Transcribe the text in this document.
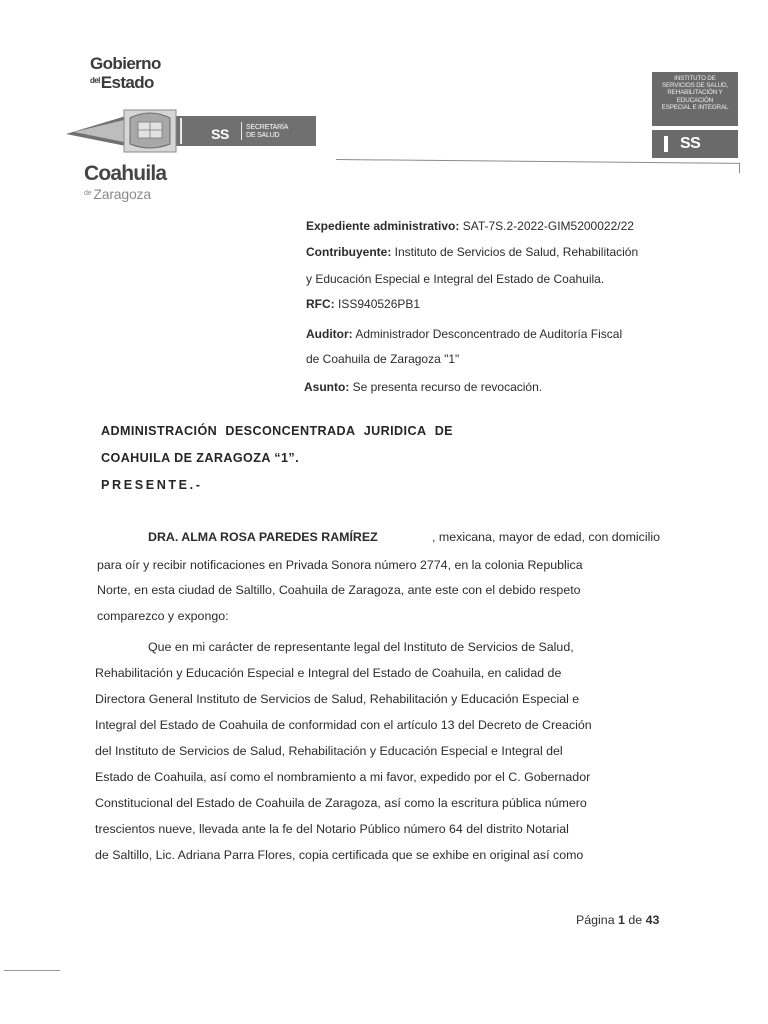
Gobierno
$^{del}$Estado
SS	SECRETARÍA
DE SALUD
Coahuila
$^{de}$ Zaragoza
INSTITUTO DE
SERVICIOS DE SALUD,
REHABILITACIÓN Y
EDUCACIÓN
ESPECIAL E INTEGRAL
SS
Expediente administrativo: SAT-7S.2-2022-GIM5200022/22
Contribuyente: Instituto de Servicios de Salud, Rehabilitación
y Educación Especial e Integral del Estado de Coahuila.
RFC: ISS940526PB1
Auditor: Administrador Desconcentrado de Auditoría Fiscal
de Coahuila de Zaragoza "1"
Asunto: Se presenta recurso de revocación.
ADMINISTRACIÓN DESCONCENTRADA JURIDICA DE
COAHUILA DE ZARAGOZA “1”.
PRESENTE.-
DRA. ALMA ROSA PAREDES RAMÍREZ	, mexicana, mayor de edad, con domicilio
para oír y recibir notificaciones en Privada Sonora número 2774, en la colonia Republica
Norte, en esta ciudad de Saltillo, Coahuila de Zaragoza, ante este con el debido respeto
comparezco y expongo:
Que en mi carácter de representante legal del Instituto de Servicios de Salud,
Rehabilitación y Educación Especial e Integral del Estado de Coahuila, en calidad de
Directora General Instituto de Servicios de Salud, Rehabilitación y Educación Especial e
Integral del Estado de Coahuila de conformidad con el artículo 13 del Decreto de Creación
del Instituto de Servicios de Salud, Rehabilitación y Educación Especial e Integral del
Estado de Coahuila, así como el nombramiento a mi favor, expedido por el C. Gobernador
Constitucional del Estado de Coahuila de Zaragoza, así como la escritura pública número
trescientos nueve, llevada ante la fe del Notario Público número 64 del distrito Notarial
de Saltillo, Lic. Adriana Parra Flores, copia certificada que se exhibe en original así como
Página 1 de 43
